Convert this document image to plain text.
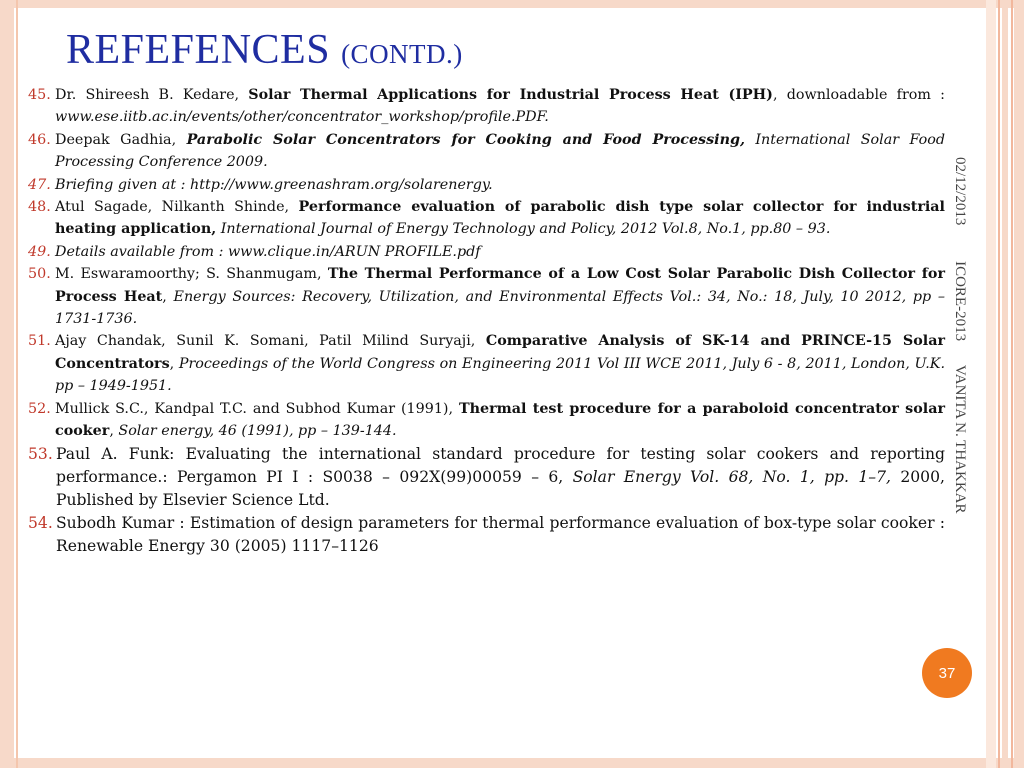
REFEFENCES (CONTD.)
45. Dr. Shireesh B. Kedare, Solar Thermal Applications for Industrial Process Heat (IPH), downloadable from : www.ese.iitb.ac.in/events/other/concentrator_workshop/profile.PDF.
46. Deepak Gadhia, Parabolic Solar Concentrators for Cooking and Food Processing, International Solar Food Processing Conference 2009.
47. Briefing given at : http://www.greenashram.org/solarenergy.
48. Atul Sagade, Nilkanth Shinde, Performance evaluation of parabolic dish type solar collector for industrial heating application, International Journal of Energy Technology and Policy, 2012 Vol.8, No.1, pp.80 – 93.
49. Details available from : www.clique.in/ARUN PROFILE.pdf
50. M. Eswaramoorthy; S. Shanmugam, The Thermal Performance of a Low Cost Solar Parabolic Dish Collector for Process Heat, Energy Sources: Recovery, Utilization, and Environmental Effects Vol.: 34, No.: 18, July, 10 2012, pp – 1731-1736.
51. Ajay Chandak, Sunil K. Somani, Patil Milind Suryaji, Comparative Analysis of SK-14 and PRINCE-15 Solar Concentrators, Proceedings of the World Congress on Engineering 2011 Vol III WCE 2011, July 6 - 8, 2011, London, U.K. pp – 1949-1951.
52. Mullick S.C., Kandpal T.C. and Subhod Kumar (1991), Thermal test procedure for a paraboloid concentrator solar cooker, Solar energy, 46 (1991), pp – 139-144.
53. Paul A. Funk: Evaluating the international standard procedure for testing solar cookers and reporting performance.: Pergamon PI I : S0038 – 092X(99)00059 – 6, Solar Energy Vol. 68, No. 1, pp. 1–7, 2000, Published by Elsevier Science Ltd.
54. Subodh Kumar : Estimation of design parameters for thermal performance evaluation of box-type solar cooker : Renewable Energy 30 (2005) 1117–1126
02/12/2013 ICORE-2013 VANITA N. THAKKAR
37
